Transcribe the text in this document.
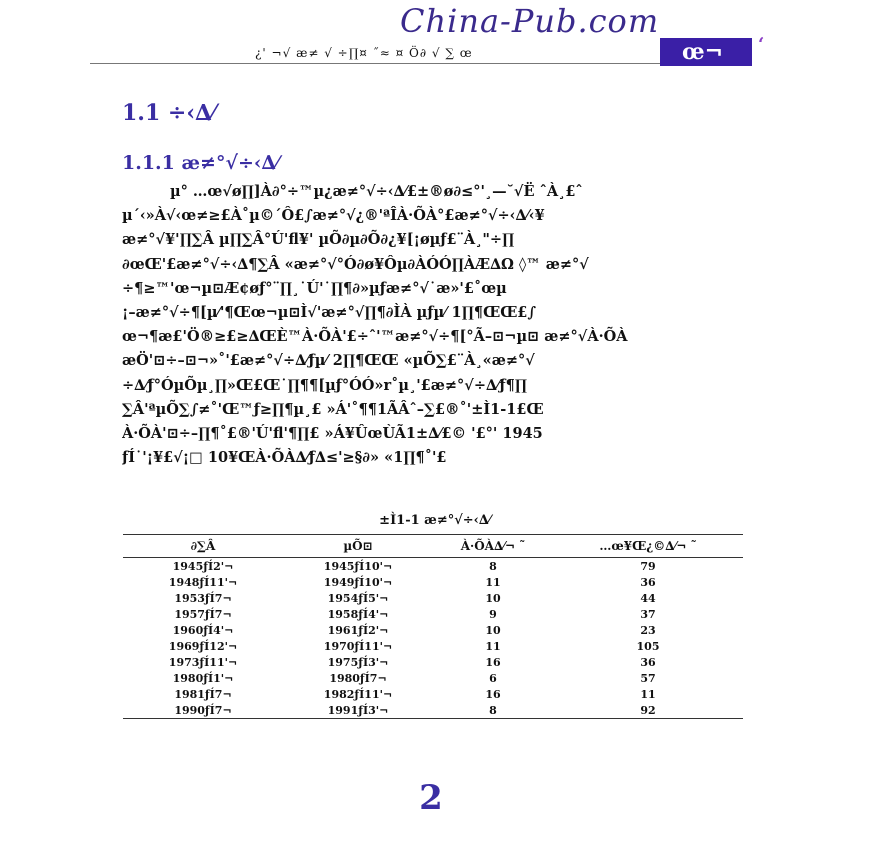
China-Pub.com
¿' ¬√ æ≠ √ ÷∏¤ ˝≈ ¤ Ö∂ √ ∑ œ	œ¬ ‘
1.1 ÷‹∆⁄
1.1.1 æ≠°√÷‹∆⁄

µ° …œ√ø∏]À∂°÷™µ¿æ≠°√÷‹∆⁄£±®ø∂≤°'¸—˘√Ë ˆÀ¸£ˆ

µ´‹»À√‹œ≠≥£À˚µ©´Ô£∫æ≠°√¿®'ªÎÀ·ÕÀ°£æ≠°√÷‹∆⁄‹¥

æ≠°√¥'∏∑Â µ∏∑Â°Ú'fl¥' µÕ∂µ∂Õ∂¿¥[¡øµƒ£¨À¸"÷∏

∂œŒ'£æ≠°√÷‹∆¶∑Â «æ≠°√°Ó∂ø¥Ôµ∂ÀÓÓ∏ÀÆ∆Ω ◊™ æ≠°√

÷¶≥™'œ¬µ⊡Æ¢øƒ°¨∏¸˙Ú'˙∏¶∂»µƒæ≠°√˙æ»'£˚œµ

¡–æ≠°√÷¶[µ⁄'¶Œœ¬µ⊡Ì√'æ≠°√∏¶∂ÌÀ µƒµ⁄ 1∏¶ŒŒ£∫

œ¬¶æ£'Ö®≥£≥∆ŒÈ™À·ÕÀ'£÷ˆ'™æ≠°√÷¶[°Ã–⊡¬µ⊡ æ≠°√À·ÕÀ

æÖ'⊡÷–⊡¬»˚'£æ≠°√÷∆⁄ƒµ⁄ 2∏¶ŒŒ «µÕ∑£¨À¸«æ≠°√

÷∆⁄ƒ°ÓµÕµ¸∏»Œ£Œ˙∏¶¶[µƒ°ÓÓ»r˚µ¸'£æ≠°√÷∆⁄ƒ¶∏

∑Â'ªµÕ∑∫≠˚'Œ™ƒ≥∏¶µ¸£ »Á'˚¶¶1ÃÂˆ–∑£®˚'±Ì1-1£Œ

À·ÕÀ'⊡÷–∏¶˚£®'Ú'fl'¶∏£ »Á¥ÛœÙÃ1±∆⁄£© '£°' 1945

ƒÍ˙'¡¥£√¡□ 10¥ŒÀ·ÕÀ∆⁄ƒ∆≤'≥§∂» «1∏¶˚'£

±Ì1-1 æ≠°√÷‹∆⁄
∂∑Â	µÕ⊡	À·ÕÀ∆⁄¬ ˜	…œ¥Œ¿©∆⁄¬ ˜
1945ƒÍ2'¬	1945ƒÍ10'¬	8	79
1948ƒÍ11'¬	1949ƒÍ10'¬	11	36
1953ƒÍ7¬	1954ƒÍ5'¬	10	44
1957ƒÍ7¬	1958ƒÍ4'¬	9	37
1960ƒÍ4'¬	1961ƒÍ2'¬	10	23
1969ƒÍ12'¬	1970ƒÍ11'¬	11	105
1973ƒÍ11'¬	1975ƒÍ3'¬	16	36
1980ƒÍ1'¬	1980ƒÍ7¬	6	57
1981ƒÍ7¬	1982ƒÍ11'¬	16	11
1990ƒÍ7¬	1991ƒÍ3'¬	8	92
2
